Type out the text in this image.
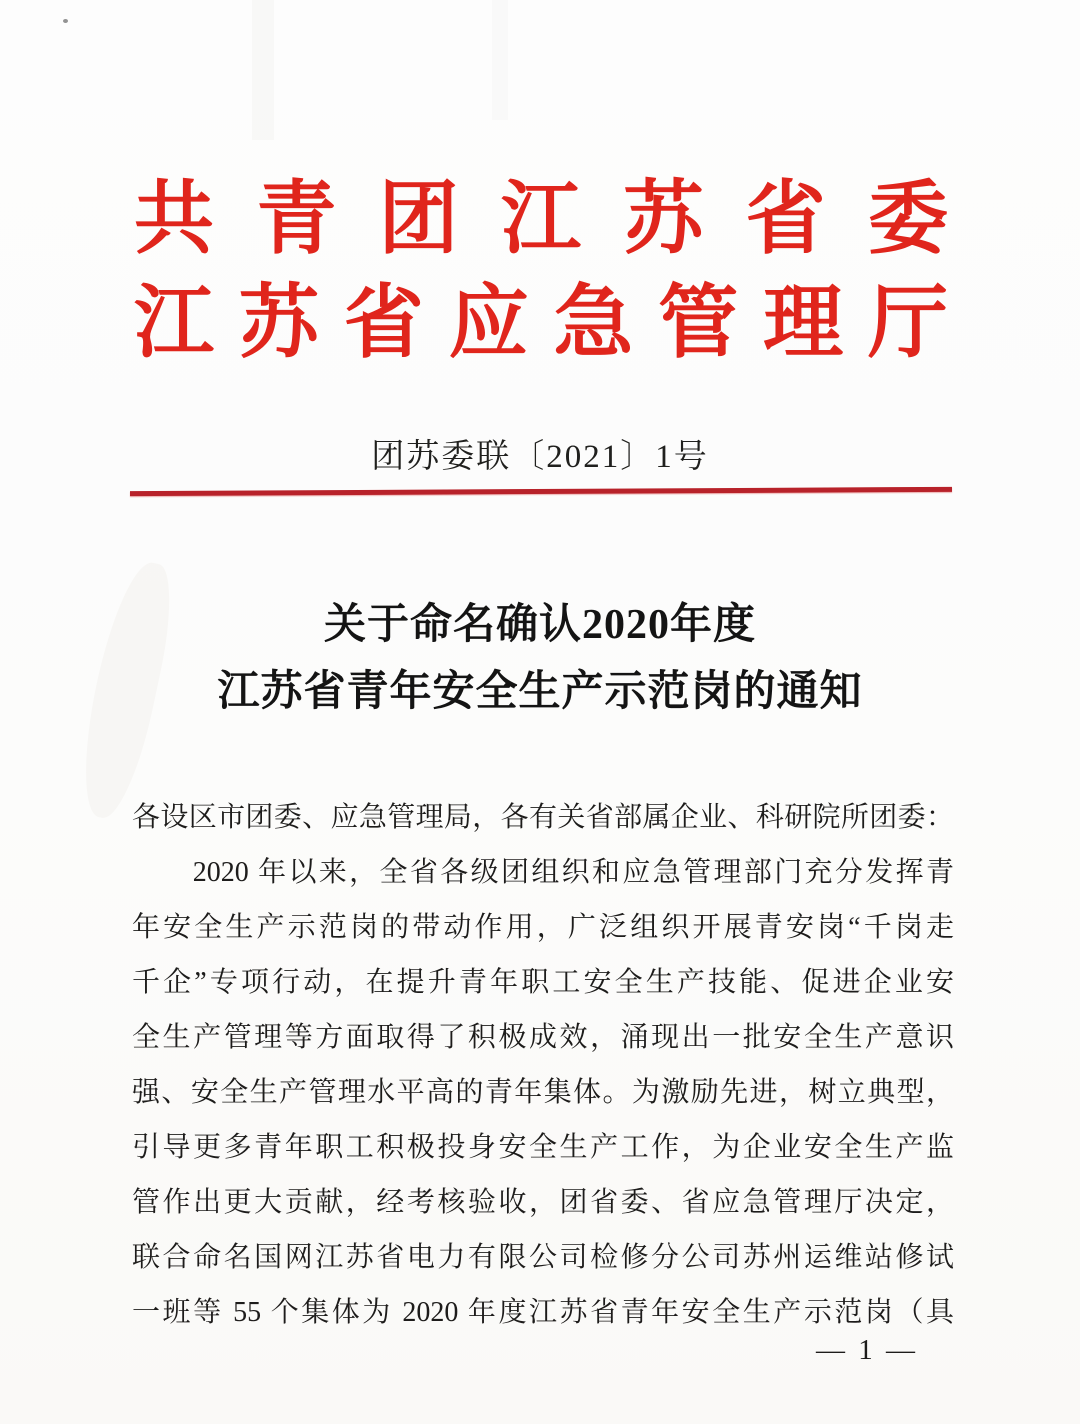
共青团江苏省委
江苏省应急管理厅
团苏委联〔2021〕1号
关于命名确认2020年度
江苏省青年安全生产示范岗的通知
各设区市团委、应急管理局，各有关省部属企业、科研院所团委：
　　2020 年以来，全省各级团组织和应急管理部门充分发挥青
年安全生产示范岗的带动作用，广泛组织开展青安岗“千岗走
千企”专项行动，在提升青年职工安全生产技能、促进企业安
全生产管理等方面取得了积极成效，涌现出一批安全生产意识
强、安全生产管理水平高的青年集体。为激励先进，树立典型，
引导更多青年职工积极投身安全生产工作，为企业安全生产监
管作出更大贡献，经考核验收，团省委、省应急管理厅决定，
联合命名国网江苏省电力有限公司检修分公司苏州运维站修试
一班等 55 个集体为 2020 年度江苏省青年安全生产示范岗（具
— 1 —
